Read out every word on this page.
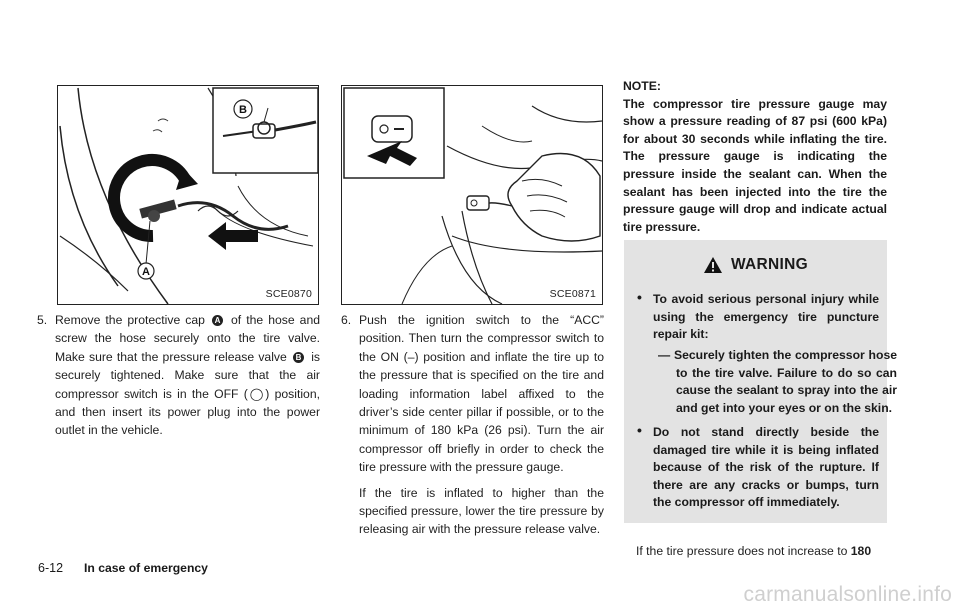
B
A
SCE0870	SCE0871
5. Remove the protective cap A of the hose and screw the hose securely onto the tire valve. Make sure that the pressure release valve B is securely tightened. Make sure that the air compressor switch is in the OFF (◯) position, and then insert its power plug into the power outlet in the vehicle.
6. Push the ignition switch to the “ACC” position. Then turn the compressor switch to the ON (–) position and inflate the tire up to the pressure that is specified on the tire and loading information label affixed to the driver’s side center pillar if possible, or to the minimum of 180 kPa (26 psi). Turn the air compressor off briefly in order to check the tire pressure with the pressure gauge.
If the tire is inflated to higher than the specified pressure, lower the tire pressure by releasing air with the pressure release valve.
NOTE:
The compressor tire pressure gauge may show a pressure reading of 87 psi (600 kPa) for about 30 seconds while inflating the tire. The pressure gauge is indicating the pressure inside the sealant can. When the sealant has been injected into the tire the pressure gauge will drop and indicate actual tire pressure.
WARNING
• To avoid serious personal injury while using the emergency tire puncture repair kit:
— Securely tighten the compressor hose to the tire valve. Failure to do so can cause the sealant to spray into the air and get into your eyes or on the skin.
• Do not stand directly beside the damaged tire while it is being inflated because of the risk of the rupture. If there are any cracks or bumps, turn the compressor off immediately.
If the tire pressure does not increase to 180
6-12 In case of emergency
carmanualsonline.info
